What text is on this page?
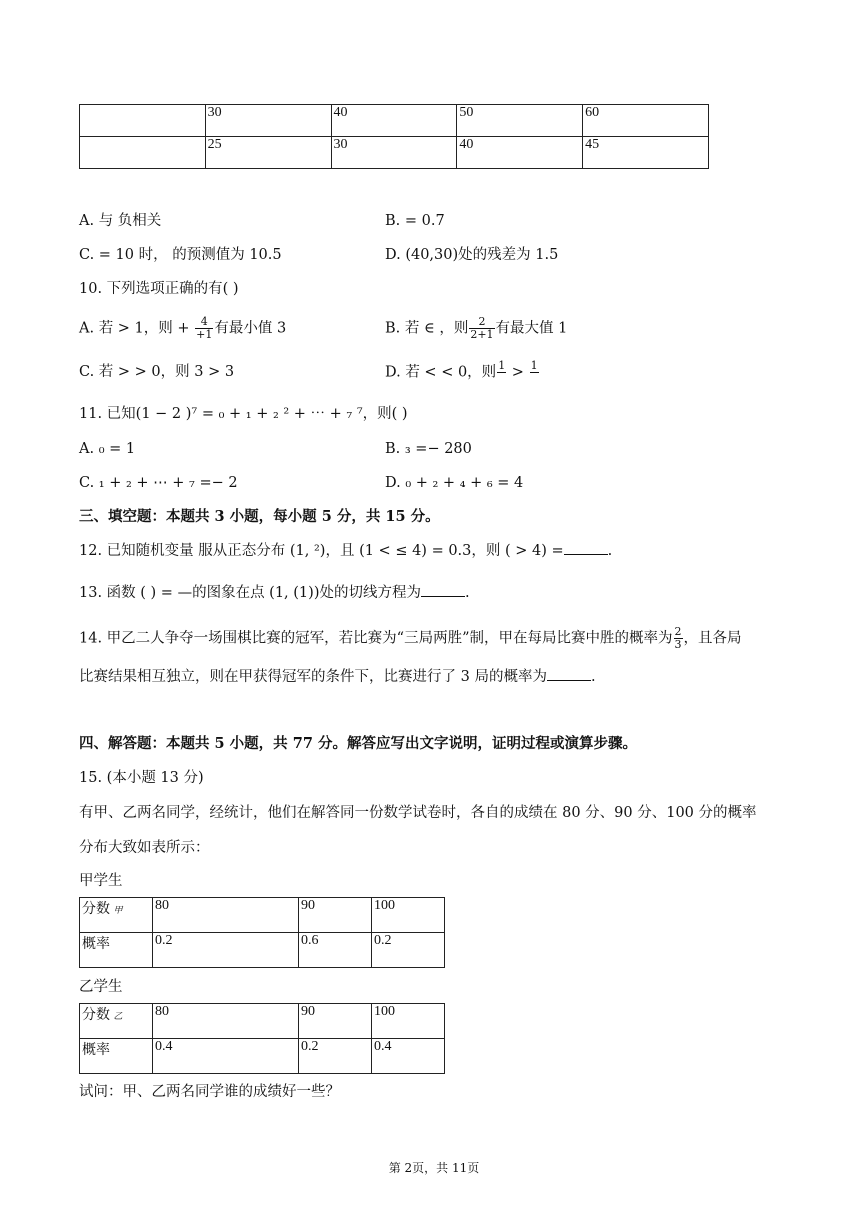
	30	40	50	60
	25	30	40	45
A. 与 负相关	B. = 0.7
C. = 10 时， 的预测值为 10.5	D. (40,30)处的残差为 1.5
10. 下列选项正确的有( )
A. 若 > 1，则 + $\frac{4}{+1}$ 有最小值 3	B. 若 ∈ ，则 $\frac{2}{2+1}$ 有最大值 1
C. 若 > > 0，则 3 > 3	D. 若 < < 0，则 1
> 1

11. 已知(1 − 2 )⁷ = ₀ + ₁ + ₂ ² + ⋯ + ₇ ⁷，则( )
A. ₀ = 1	B. ₃ =− 280
C. ₁ + ₂ + ⋯ + ₇ =− 2	D. ₀ + ₂ + ₄ + ₆ = 4
三、填空题：本题共 3 小题，每小题 5 分，共 15 分。
12. 已知随机变量 服从正态分布 (1, ²)，且 (1 < ≤ 4) = 0.3，则 ( > 4) =	.
13. 函数 ( ) = —的图象在点 (1, (1))处的切线方程为	.
14. 甲乙二人争夺一场围棋比赛的冠军，若比赛为“三局两胜”制，甲在每局比赛中胜的概率为 $\frac{2}{3}$ ，且各局
比赛结果相互独立，则在甲获得冠军的条件下，比赛进行了 3 局的概率为	.
四、解答题：本题共 5 小题，共 77 分。解答应写出文字说明，证明过程或演算步骤。
15. (本小题 13 分)
有甲、乙两名同学，经统计，他们在解答同一份数学试卷时，各自的成绩在 80 分、90 分、100 分的概率
分布大致如表所示：
甲学生
分数 甲	80	90	100
概率	0.2	0.6	0.2
乙学生
分数 乙	80	90	100
概率	0.4	0.2	0.4
试问：甲、乙两名同学谁的成绩好一些？
第 2页，共 11页
